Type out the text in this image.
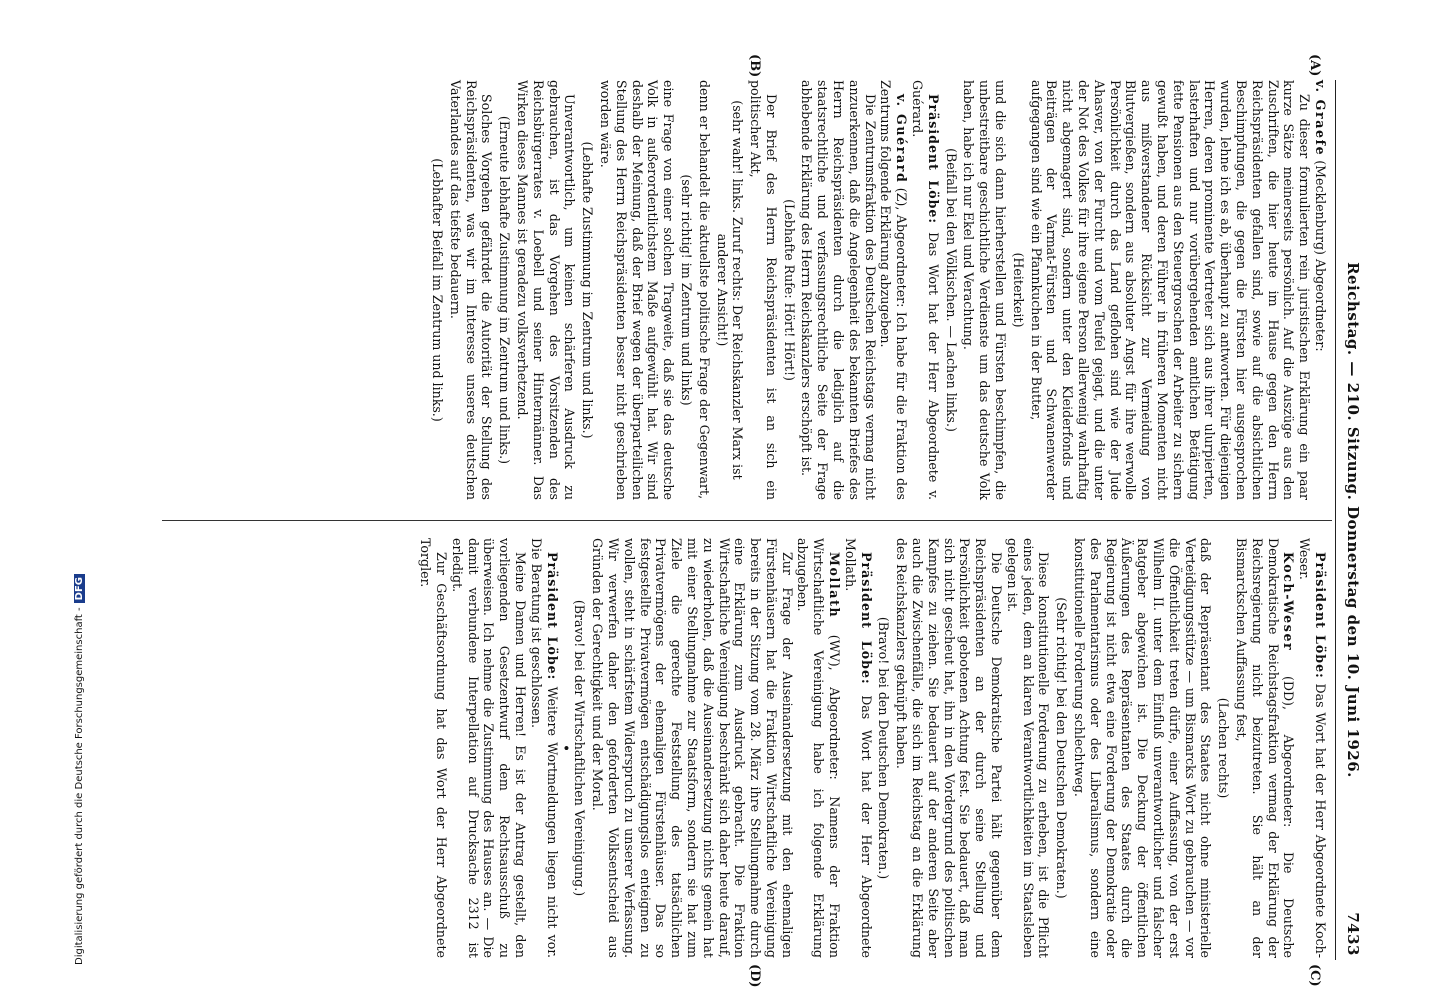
Reichstag. — 210. Sitzung. Donnerstag den 10. Juni 1926.
7433
(A)
(B)
(C)
(D)

v. Graefe (Mecklenburg) Abgeordneter:

Zu dieser formulierten rein juristischen Erklärung ein paar kurze Sätze meinerseits persönlich. Auf die Auszüge aus den Zuschriften, die hier heute im Hause gegen den Herrn Reichspräsidenten gefallen sind, sowie auf die absichtlichen Beschimpfungen, die gegen die Fürsten hier ausgesprochen wurden, lehne ich es ab, überhaupt zu antworten. Für diejenigen Herren, deren prominente Vertreter sich aus ihrer ulurpierten, lasterhaften und nur vorübergehenden amtlichen Betätigung fette Pensionen aus den Steuergroschen der Arbeiter zu sichern gewußt haben, und deren Führer in früheren Momenten nicht aus mißverstandener Rücksicht zur Vermeidung von Blutvergießen, sondern aus absoluter Angst für ihre werwolle Persönlichkeit durch das Land geflohen sind wie der Jude Ahasver, von der Furcht und vom Teufel gejagt, und die unter der Not des Volkes für ihre eigene Person allerwenig wahrhaftig nicht abgemagert sind, sondern unter den Kleiderfonds und Beiträgen der Varmat-Fürsten und Schwanenwerder aufgegangen sind wie ein Pfannkuchen in der Butter,

(Heiterkeit)

und die sich dann hierherstellen und Fürsten beschimpfen, die unbestreitbare geschichtliche Verdienste um das deutsche Volk haben, habe ich nur Ekel und Verachtung.

(Beifall bei den Völkischen. — Lachen links.)

Präsident Löbe: Das Wort hat der Herr Abgeordnete v. Guérard.

v. Guérard (Z), Abgeordneter: Ich habe für die Fraktion des Zentrums folgende Erklärung abzugeben.

Die Zentrumsfraktion des Deutschen Reichstags vermag nicht anzuerkennen, daß die Angelegenheit des bekannten Briefes des Herrn Reichspräsidenten durch die lediglich auf die staatsrechtliche und verfassungsrechtliche Seite der Frage abhebende Erklärung des Herrn Reichskanzlers erschöpft ist.

(Lebhafte Rufe: Hört! Hört!)

Der Brief des Herrn Reichspräsidenten ist an sich ein politischer Akt,

(sehr wahr! links. Zuruf rechts: Der Reichskanzler Marx ist anderer Ansicht!)

denn er behandelt die aktuellste politische Frage der Gegenwart,

(sehr richtig! im Zentrum und links)

eine Frage von einer solchen Tragweite, daß sie das deutsche Volk in außerordentlichstem Maße aufgewühlt hat. Wir sind deshalb der Meinung, daß der Brief wegen der überparteilichen Stellung des Herrn Reichspräsidenten besser nicht geschrieben worden wäre.

(Lebhafte Zustimmung im Zentrum und links.)

Unverantwortlich, um keinen schärferen Ausdruck zu gebrauchen, ist das Vorgehen des Vorsitzenden des Reichsbürgerrates v. Loebell und seiner Hintermänner. Das Wirken dieses Mannes ist geradezu volksverhetzend.

(Erneute lebhafte Zustimmung im Zentrum und links.)

Solches Vorgehen gefährdet die Autorität der Stellung des Reichspräsidenten, was wir im Interesse unseres deutschen Vaterlandes auf das tiefste bedauern.

(Lebhafter Beifall im Zentrum und links.)

Präsident Löbe: Das Wort hat der Herr Abgeordnete Koch-Weser.

Koch-Weser (DD), Abgeordneter: Die Deutsche Demokratische Reichstagsfraktion vermag der Erklärung der Reichsregierung nicht beizutreten. Sie hält an der Bismarckschen Auffassung fest,

(Lachen rechts)

daß der Repräsentant des Staates nicht ohne ministerielle Verteidigungsstütze — um Bismarcks Wort zu gebrauchen — vor die Öffentlichkeit treten dürfe, einer Auffassung, von der erst Wilhelm II. unter dem Einfluß unverantwortlicher und falscher Ratgeber abgewichen ist. Die Deckung der öffentlichen Äußerungen des Repräsentanten des Staates durch die Regierung ist nicht etwa eine Forderung der Demokratie oder des Parlamentarismus oder des Liberalismus, sondern eine konstitutionelle Forderung schlechtweg.

(Sehr richtig! bei den Deutschen Demokraten.)

Diese konstitutionelle Forderung zu erheben, ist die Pflicht eines jeden, dem an klaren Verantwortlichkeiten im Staatsleben gelegen ist.

Die Deutsche Demokratische Partei hält gegenüber dem Reichspräsidenten an der durch seine Stellung und Persönlichkeit gebotenen Achtung fest. Sie bedauert, daß man sich nicht gescheut hat, ihn in den Vordergrund des politischen Kampfes zu ziehen. Sie bedauert auf der anderen Seite aber auch die Zwischenfälle, die sich im Reichstag an die Erklärung des Reichskanzlers geknüpft haben.

(Bravo! bei den Deutschen Demokraten.)

Präsident Löbe: Das Wort hat der Herr Abgeordnete Mollath.

Mollath (WV), Abgeordneter: Namens der Fraktion Wirtschaftliche Vereinigung habe ich folgende Erklärung abzugeben.

Zur Frage der Auseinandersetzung mit den ehemaligen Fürstenhäusern hat die Fraktion Wirtschaftliche Vereinigung bereits in der Sitzung vom 28. März ihre Stellungnahme durch eine Erklärung zum Ausdruck gebracht. Die Fraktion Wirtschaftliche Vereinigung beschränkt sich daher heute darauf, zu wiederholen, daß die Auseinandersetzung nichts gemein hat mit einer Stellungnahme zur Staatsform, sondern sie hat zum Ziele die gerechte Feststellung des tatsächlichen Privatvermögens der ehemaligen Fürstenhäuser. Das so festgestellte Privatvermögen entschädigungslos enteignen zu wollen, steht in schärfstem Widerspruch zu unserer Verfassung. Wir verwerfen daher den geforderten Volksentscheid aus Gründen der Gerechtigkeit und der Moral.

(Bravo! bei der Wirtschaftlichen Vereinigung.)

•

Präsident Löbe: Weitere Wortmeldungen liegen nicht vor. Die Beratung ist geschlossen.

Meine Damen und Herren! Es ist der Antrag gestellt, den vorliegenden Gesetzentwurf dem Rechtsausschuß zu überweisen. Ich nehme die Zustimmung des Hauses an. — Die damit verbundene Interpellation auf Drucksache 2312 ist erledigt.

Zur Geschäftsordnung hat das Wort der Herr Abgeordnete Torgler.

Digitalisierung gefördert durch die Deutsche Forschungsgemeinschaft -DFG
